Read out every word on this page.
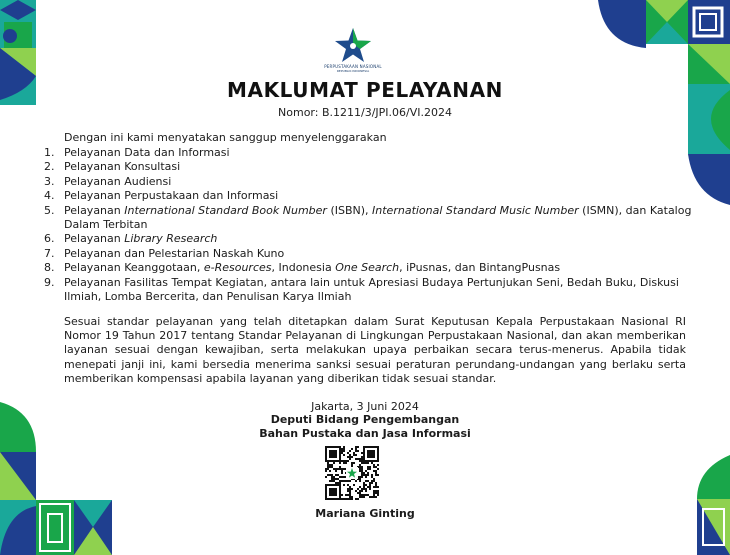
PERPUSTAKAAN NASIONAL
REPUBLIK INDONESIA
MAKLUMAT PELAYANAN
Nomor: B.1211/3/JPI.06/VI.2024
Dengan ini kami menyatakan sanggup menyelenggarakan
1. Pelayanan Data dan Informasi
2. Pelayanan Konsultasi
3. Pelayanan Audiensi
4. Pelayanan Perpustakaan dan Informasi
5. Pelayanan International Standard Book Number (ISBN), International Standard Music Number (ISMN), dan Katalog Dalam Terbitan
6. Pelayanan Library Research
7. Pelayanan dan Pelestarian Naskah Kuno
8. Pelayanan Keanggotaan, e-Resources, Indonesia One Search, iPusnas, dan BintangPusnas
9. Pelayanan Fasilitas Tempat Kegiatan, antara lain untuk Apresiasi Budaya Pertunjukan Seni, Bedah Buku, Diskusi Ilmiah, Lomba Bercerita, dan Penulisan Karya Ilmiah

Sesuai standar pelayanan yang telah ditetapkan dalam Surat Keputusan Kepala Perpustakaan Nasional RI Nomor 19 Tahun 2017 tentang Standar Pelayanan di Lingkungan Perpustakaan Nasional, dan akan memberikan layanan sesuai dengan kewajiban, serta melakukan upaya perbaikan secara terus-menerus. Apabila tidak menepati janji ini, kami bersedia menerima sanksi sesuai peraturan perundang-undangan yang berlaku serta memberikan kompensasi apabila layanan yang diberikan tidak sesuai standar.

Jakarta, 3 Juni 2024
Deputi Bidang Pengembangan
Bahan Pustaka dan Jasa Informasi
Mariana Ginting
